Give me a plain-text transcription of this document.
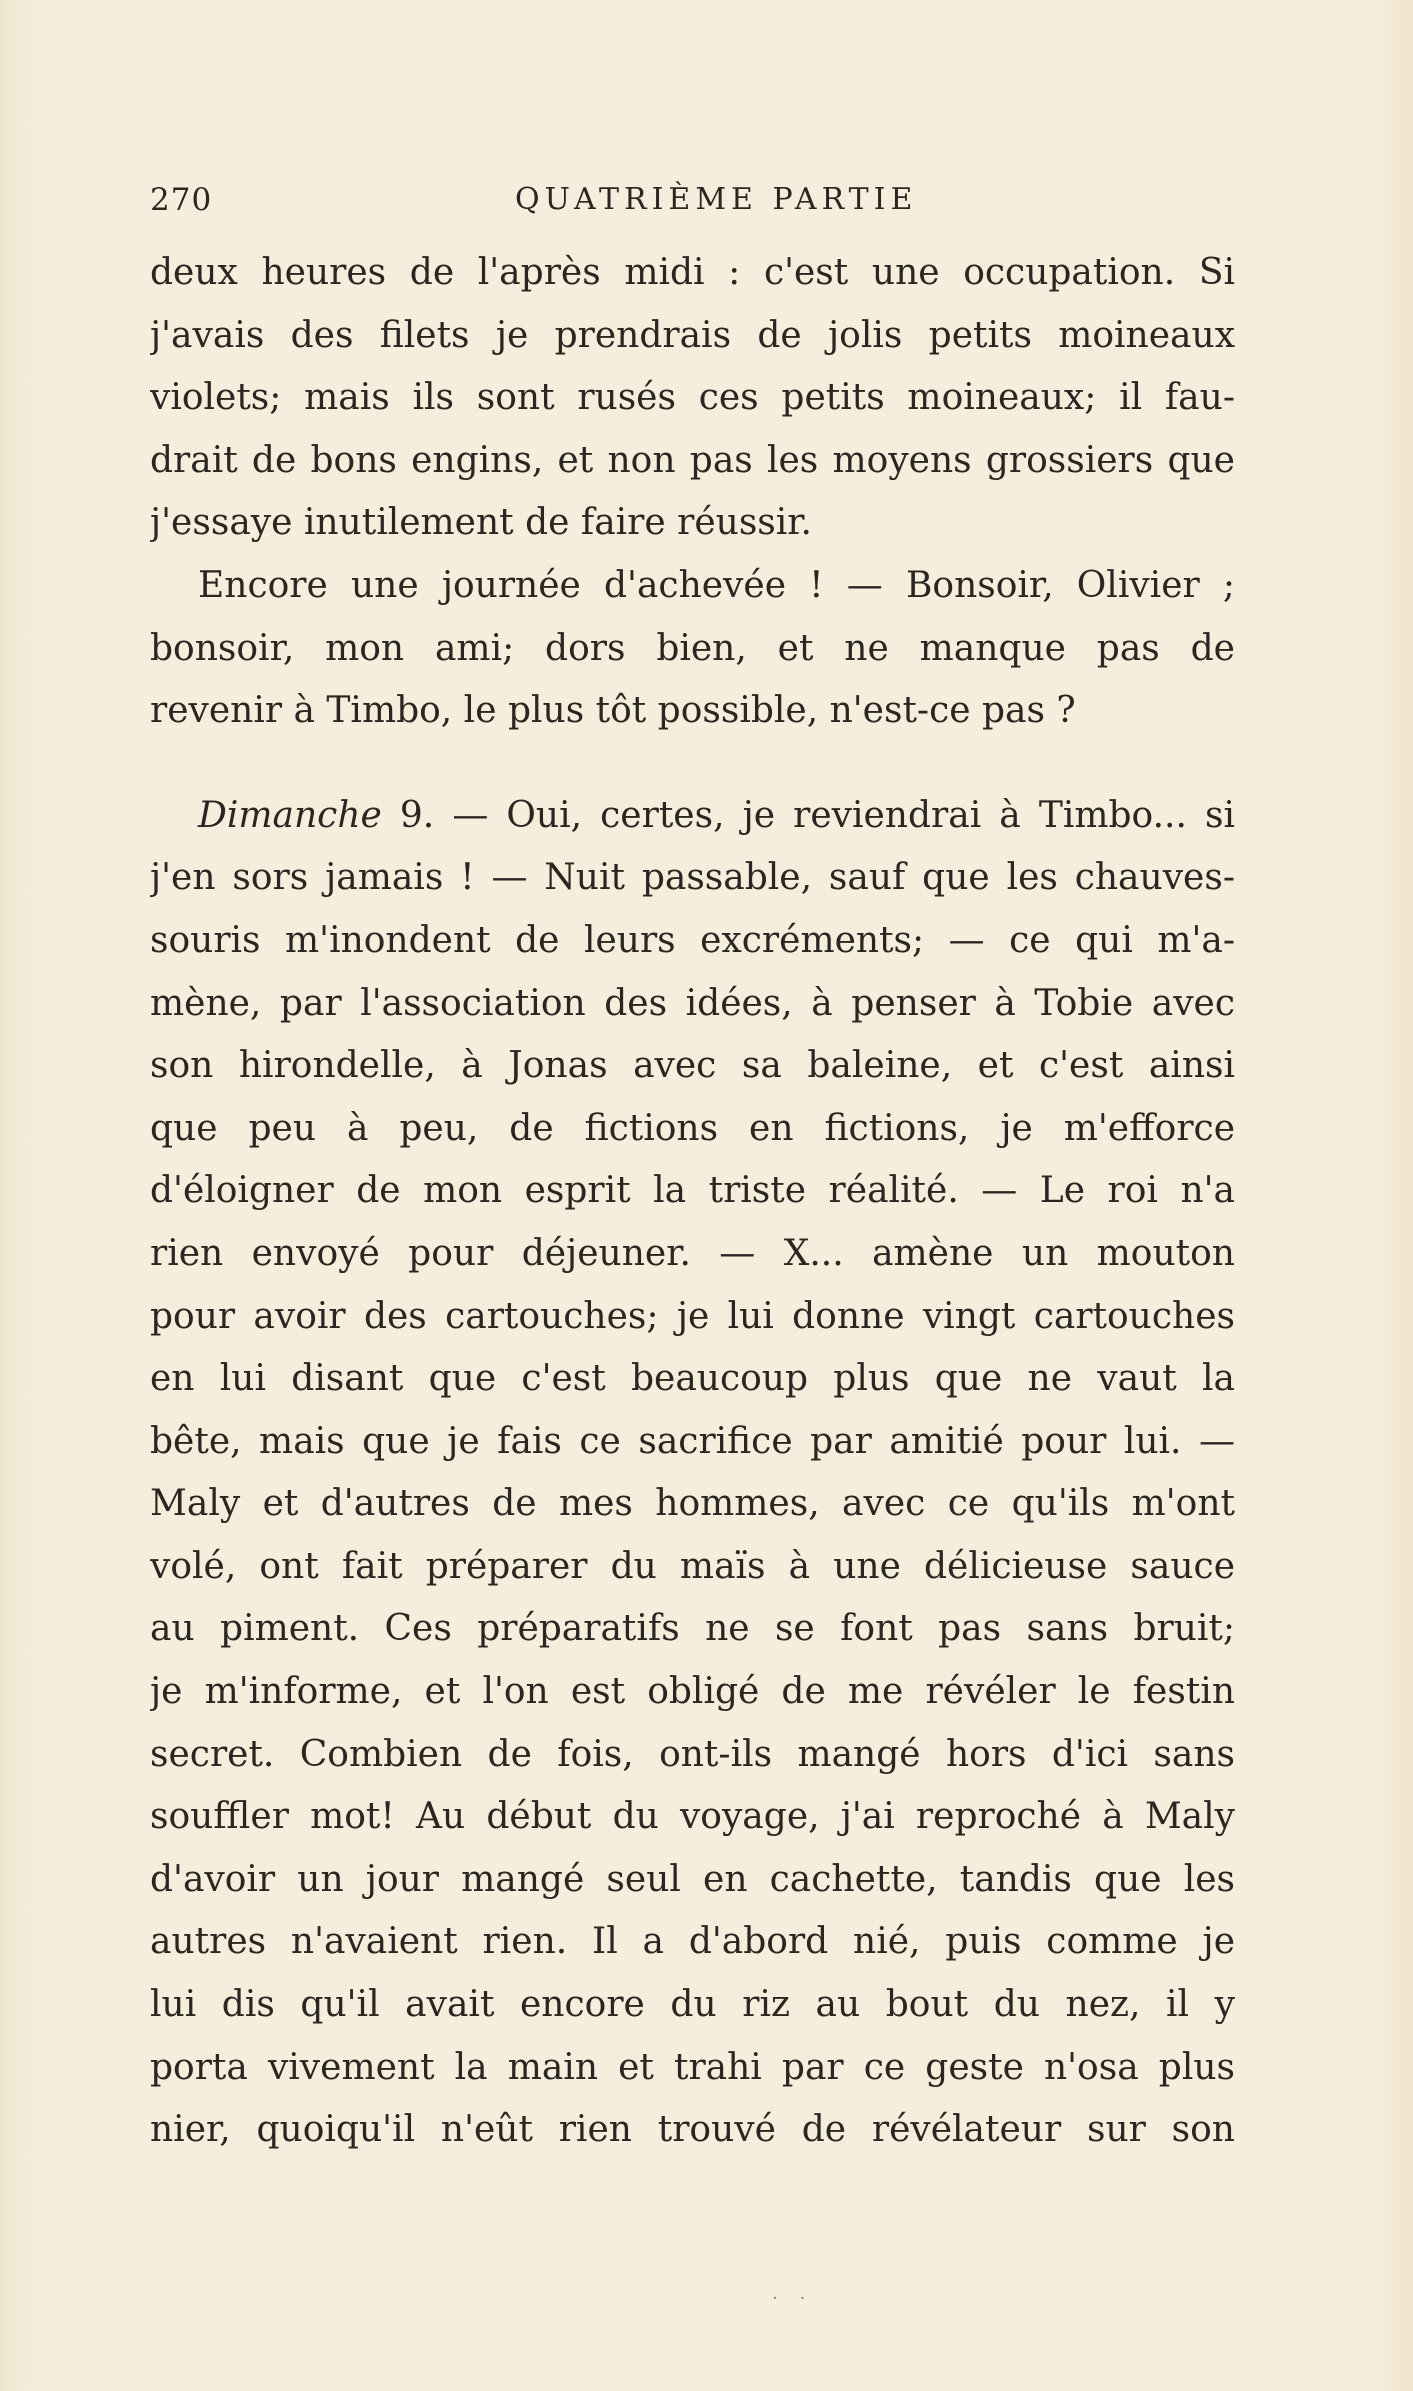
270	QUATRIÈME PARTIE
deux heures de l'après midi : c'est une occupation. Si
j'avais des filets je prendrais de jolis petits moineaux
violets; mais ils sont rusés ces petits moineaux; il fau-
drait de bons engins, et non pas les moyens grossiers que
j'essaye inutilement de faire réussir.
Encore une journée d'achevée ! — Bonsoir, Olivier ;
bonsoir, mon ami; dors bien, et ne manque pas de
revenir à Timbo, le plus tôt possible, n'est-ce pas ?
Dimanche 9. — Oui, certes, je reviendrai à Timbo... si
j'en sors jamais ! — Nuit passable, sauf que les chauves-
souris m'inondent de leurs excréments; — ce qui m'a-
mène, par l'association des idées, à penser à Tobie avec
son hirondelle, à Jonas avec sa baleine, et c'est ainsi
que peu à peu, de fictions en fictions, je m'efforce
d'éloigner de mon esprit la triste réalité. — Le roi n'a
rien envoyé pour déjeuner. — X... amène un mouton
pour avoir des cartouches; je lui donne vingt cartouches
en lui disant que c'est beaucoup plus que ne vaut la
bête, mais que je fais ce sacrifice par amitié pour lui. —
Maly et d'autres de mes hommes, avec ce qu'ils m'ont
volé, ont fait préparer du maïs à une délicieuse sauce
au piment. Ces préparatifs ne se font pas sans bruit;
je m'informe, et l'on est obligé de me révéler le festin
secret. Combien de fois, ont-ils mangé hors d'ici sans
souffler mot! Au début du voyage, j'ai reproché à Maly
d'avoir un jour mangé seul en cachette, tandis que les
autres n'avaient rien. Il a d'abord nié, puis comme je
lui dis qu'il avait encore du riz au bout du nez, il y
porta vivement la main et trahi par ce geste n'osa plus
nier, quoiqu'il n'eût rien trouvé de révélateur sur son
· ·
